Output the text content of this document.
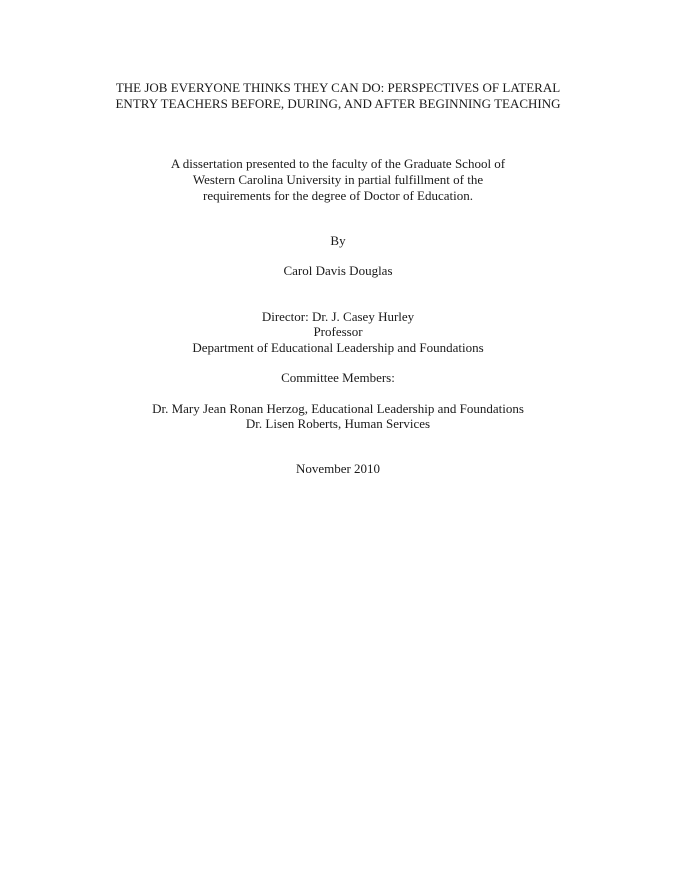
THE JOB EVERYONE THINKS THEY CAN DO: PERSPECTIVES OF LATERAL
ENTRY TEACHERS BEFORE, DURING, AND AFTER BEGINNING TEACHING
A dissertation presented to the faculty of the Graduate School of
Western Carolina University in partial fulfillment of the
requirements for the degree of Doctor of Education.
By
Carol Davis Douglas
Director: Dr. J. Casey Hurley
Professor
Department of Educational Leadership and Foundations
Committee Members:
Dr. Mary Jean Ronan Herzog, Educational Leadership and Foundations
Dr. Lisen Roberts, Human Services
November 2010
